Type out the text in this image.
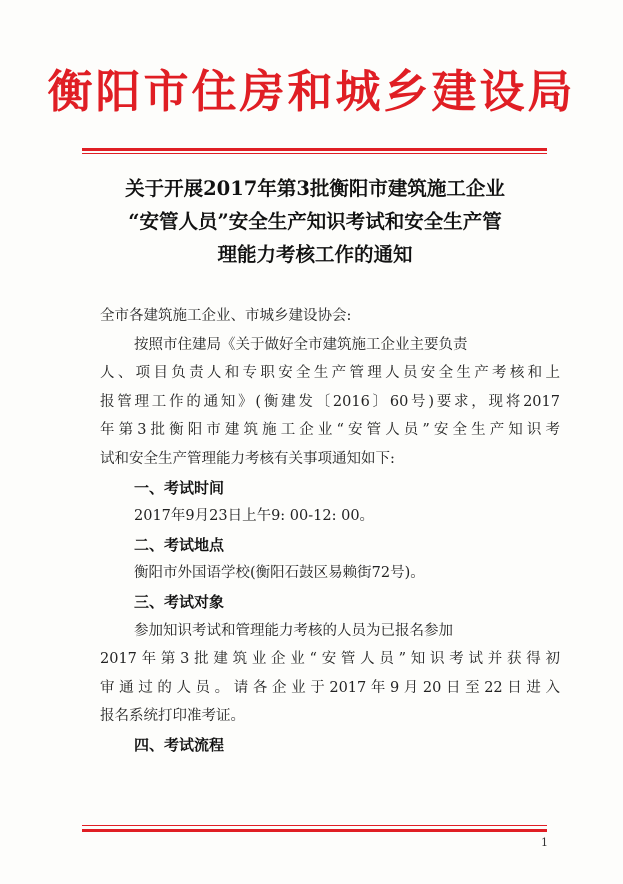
衡阳市住房和城乡建设局
关于开展2017年第3批衡阳市建筑施工企业
“安管人员”安全生产知识考试和安全生产管
理能力考核工作的通知
全市各建筑施工企业、市城乡建设协会:
按照市住建局《关于做好全市建筑施工企业主要负责
人、项目负责人和专职安全生产管理人员安全生产考核和上
报管理工作的通知》(衡建发〔2016〕60号)要求，现将2017
年第3批衡阳市建筑施工企业“安管人员”安全生产知识考
试和安全生产管理能力考核有关事项通知如下:
一、考试时间
2017年9月23日上午9: 00-12: 00。
二、考试地点
衡阳市外国语学校(衡阳石鼓区易赖街72号)。
三、考试对象
参加知识考试和管理能力考核的人员为已报名参加
2017年第3批建筑业企业“安管人员”知识考试并获得初
审通过的人员。请各企业于2017年9月20日至22日进入
报名系统打印准考证。
四、考试流程
1
